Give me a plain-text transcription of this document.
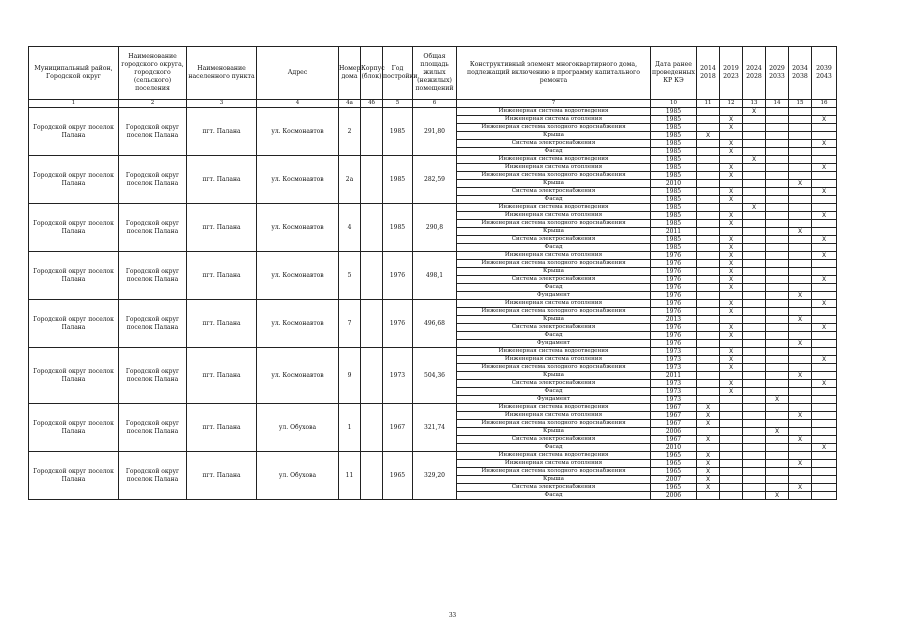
Муниципальный район, Городской округ	Наименование городского округа, городского (сельского) поселения	Наименование населенного пункта	Адрес	Номер дома	Корпус (блок)	Год постройки	Общая площадь жилых (нежилых) помещений	Конструктивный элемент многоквартирного дома, подлежащий включению в программу капитального ремонта	Дата ранее проведенных КР КЭ	2014 2018	2019 2023	2024 2028	2029 2033	2034 2038	2039 2043
1	2	3	4	4a	4б	5	6	7	10	11	12	13	14	15	16
Городской округ поселок Палана	Городской округ поселок Палана	пгт. Палана	ул. Космонавтов	2		1985	291,80	Инженерная система водоотведения	1985			X			
								Инженерная система отопления	1985		X				X
								Инженерная система холодного водоснабжения	1985		X				
								Крыша	1985	X					
								Система электроснабжения	1985		X				X
								Фасад	1985		X				
Городской округ поселок Палана	Городской округ поселок Палана	пгт. Палана	ул. Космонавтов	2a		1985	282,59	Инженерная система водоотведения	1985			X			
								Инженерная система отопления	1985		X				X
								Инженерная система холодного водоснабжения	1985		X				
								Крыша	2010					X	
								Система электроснабжения	1985		X				X
								Фасад	1985		X				
Городской округ поселок Палана	Городской округ поселок Палана	пгт. Палана	ул. Космонавтов	4		1985	290,8	Инженерная система водоотведения	1985			X			
								Инженерная система отопления	1985		X				X
								Инженерная система холодного водоснабжения	1985		X				
								Крыша	2011					X	
								Система электроснабжения	1985		X				X
								Фасад	1985		X				
Городской округ поселок Палана	Городской округ поселок Палана	пгт. Палана	ул. Космонавтов	5		1976	498,1	Инженерная система отопления	1976		X				X
								Инженерная система холодного водоснабжения	1976		X				
								Крыша	1976		X				
								Система электроснабжения	1976		X				X
								Фасад	1976		X				
								Фундамент	1976					X	
Городской округ поселок Палана	Городской округ поселок Палана	пгт. Палана	ул. Космонавтов	7		1976	496,68	Инженерная система отопления	1976		X				X
								Инженерная система холодного водоснабжения	1976		X				
								Крыша	2013					X	
								Система электроснабжения	1976		X				X
								Фасад	1976		X				
								Фундамент	1976					X	
Городской округ поселок Палана	Городской округ поселок Палана	пгт. Палана	ул. Космонавтов	9		1973	504,36	Инженерная система водоотведения	1973		X				
								Инженерная система отопления	1973		X				X
								Инженерная система холодного водоснабжения	1973		X				
								Крыша	2011					X	
								Система электроснабжения	1973		X				X
								Фасад	1973		X				
								Фундамент	1973				X		
Городской округ поселок Палана	Городской округ поселок Палана	пгт. Палана	ул. Обухова	1		1967	321,74	Инженерная система водоотведения	1967	X					
								Инженерная система отопления	1967	X				X	
								Инженерная система холодного водоснабжения	1967	X					
								Крыша	2006				X		
								Система электроснабжения	1967	X				X	
								Фасад	2010						X
Городской округ поселок Палана	Городской округ поселок Палана	пгт. Палана	ул. Обухова	11		1965	329,20	Инженерная система водоотведения	1965	X					
								Инженерная система отопления	1965	X				X	
								Инженерная система холодного водоснабжения	1965	X					
								Крыша	2007	X					
								Система электроснабжения	1965	X				X	
								Фасад	2006				X		
33
